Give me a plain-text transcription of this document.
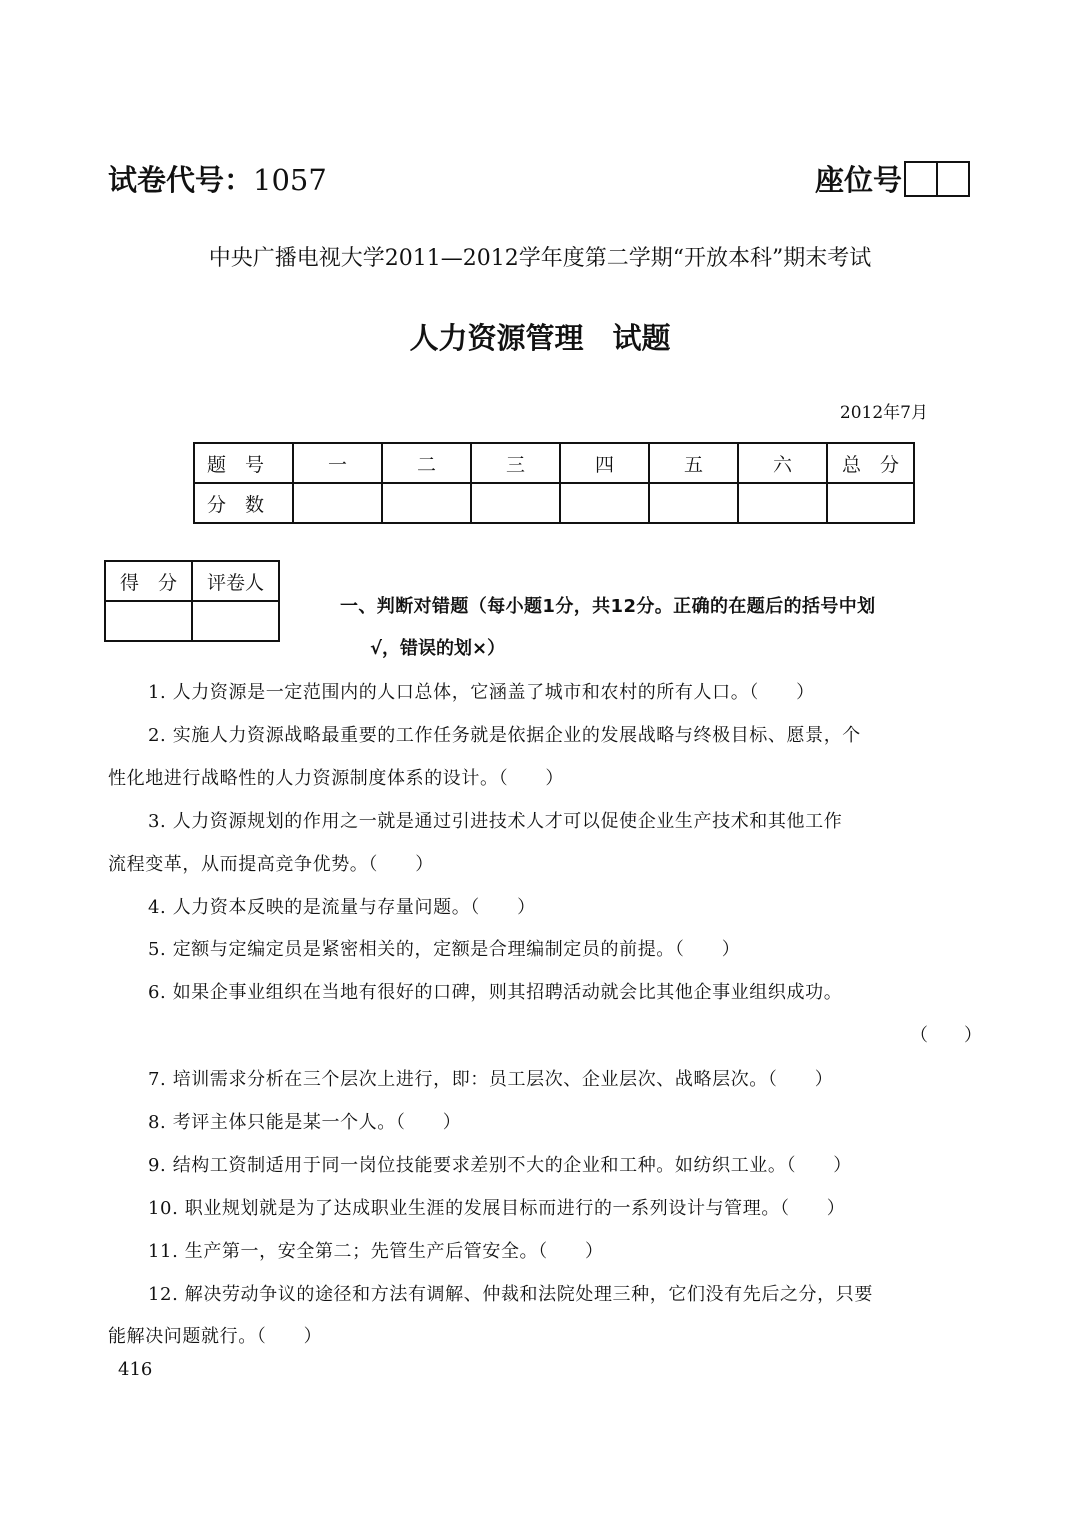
试卷代号：1057	座位号
中央广播电视大学2011—2012学年度第二学期“开放本科”期末考试
人力资源管理　试题
2012年7月
题　号	一	二	三	四	五	六	总　分
分　数							
得　分	评卷人

一、判断对错题（每小题1分，共12分。正确的在题后的括号中划
√，错误的划×）
1. 人力资源是一定范围内的人口总体，它涵盖了城市和农村的所有人口。（　　）
2. 实施人力资源战略最重要的工作任务就是依据企业的发展战略与终极目标、愿景，个
性化地进行战略性的人力资源制度体系的设计。（　　）
3. 人力资源规划的作用之一就是通过引进技术人才可以促使企业生产技术和其他工作
流程变革，从而提高竞争优势。（　　）
4. 人力资本反映的是流量与存量问题。（　　）
5. 定额与定编定员是紧密相关的，定额是合理编制定员的前提。（　　）
6. 如果企事业组织在当地有很好的口碑，则其招聘活动就会比其他企事业组织成功。
（　　）
7. 培训需求分析在三个层次上进行，即：员工层次、企业层次、战略层次。（　　）
8. 考评主体只能是某一个人。（　　）
9. 结构工资制适用于同一岗位技能要求差别不大的企业和工种。如纺织工业。（　　）
10. 职业规划就是为了达成职业生涯的发展目标而进行的一系列设计与管理。（　　）
11. 生产第一，安全第二；先管生产后管安全。（　　）
12. 解决劳动争议的途径和方法有调解、仲裁和法院处理三种，它们没有先后之分，只要
能解决问题就行。（　　）
416
